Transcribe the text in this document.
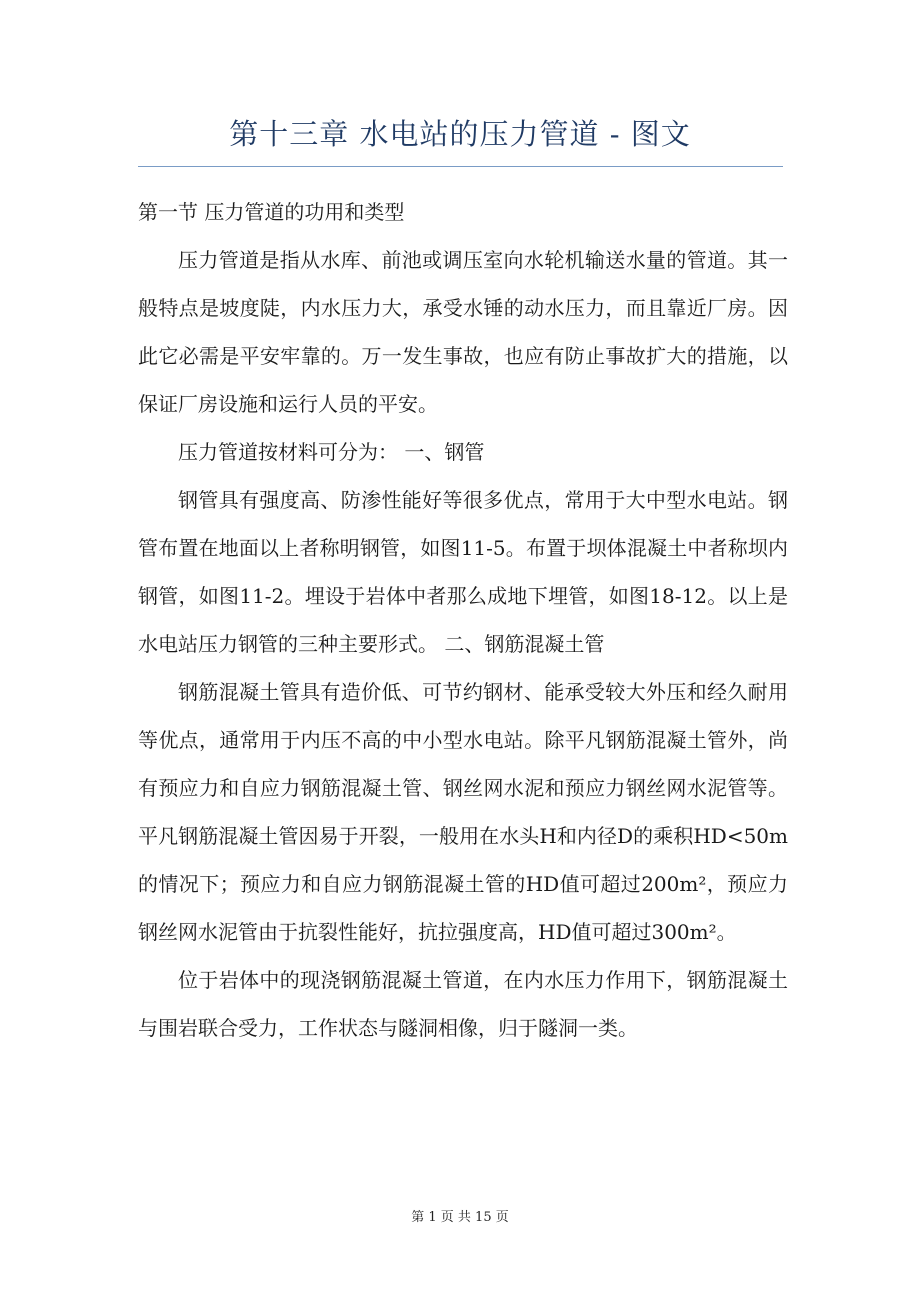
第十三章 水电站的压力管道 - 图文

第一节 压力管道的功用和类型

压力管道是指从水库、前池或调压室向水轮机输送水量的管道。其一般特点是坡度陡，内水压力大，承受水锤的动水压力，而且靠近厂房。因此它必需是平安牢靠的。万一发生事故，也应有防止事故扩大的措施，以保证厂房设施和运行人员的平安。

压力管道按材料可分为： 一、钢管

钢管具有强度高、防渗性能好等很多优点，常用于大中型水电站。钢管布置在地面以上者称明钢管，如图11-5。布置于坝体混凝土中者称坝内钢管，如图11-2。埋设于岩体中者那么成地下埋管，如图18-12。以上是水电站压力钢管的三种主要形式。 二、钢筋混凝土管

钢筋混凝土管具有造价低、可节约钢材、能承受较大外压和经久耐用等优点，通常用于内压不高的中小型水电站。除平凡钢筋混凝土管外，尚有预应力和自应力钢筋混凝土管、钢丝网水泥和预应力钢丝网水泥管等。平凡钢筋混凝土管因易于开裂，一般用在水头H和内径D的乘积HD<50m的情况下；预应力和自应力钢筋混凝土管的HD值可超过200m²，预应力钢丝网水泥管由于抗裂性能好，抗拉强度高，HD值可超过300m²。

位于岩体中的现浇钢筋混凝土管道，在内水压力作用下，钢筋混凝土与围岩联合受力，工作状态与隧洞相像，归于隧洞一类。

第 1 页 共 15 页
